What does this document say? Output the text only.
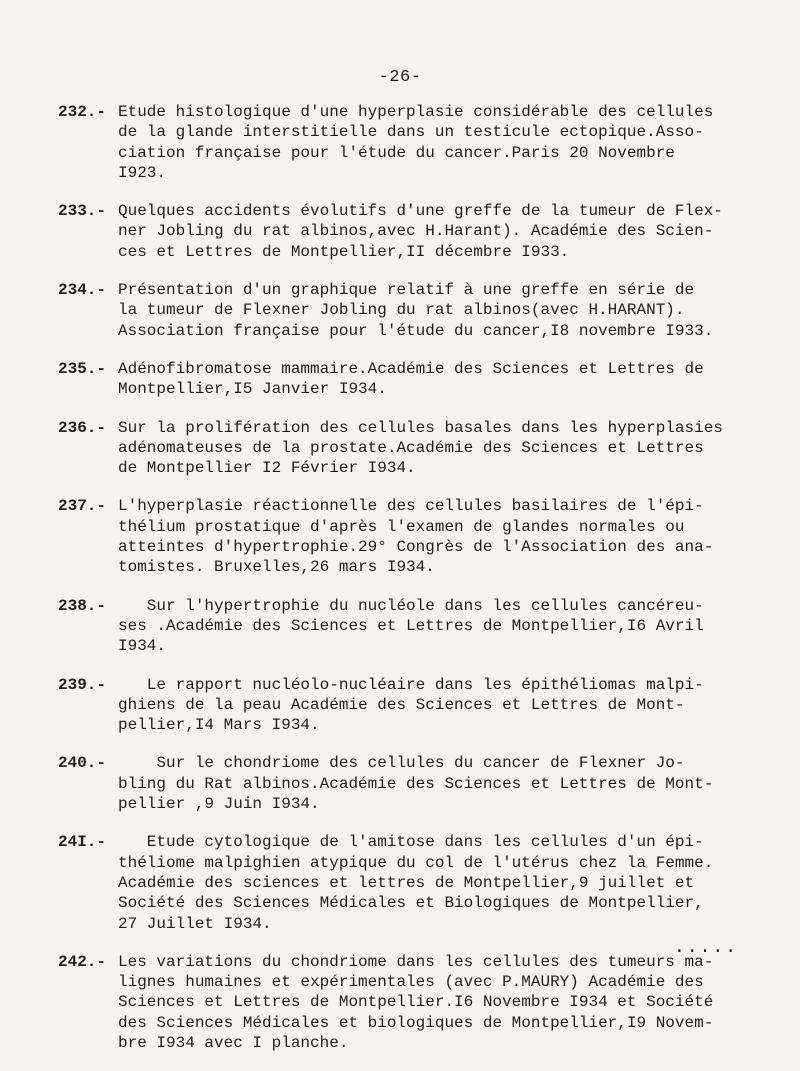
-26-
232.- Etude histologique d'une hyperplasie considérable des cellules
de la glande interstitielle dans un testicule ectopique.Asso-
ciation française pour l'étude du cancer.Paris 20 Novembre
I923.
233.- Quelques accidents évolutifs d'une greffe de la tumeur de Flex-
ner Jobling du rat albinos,avec H.Harant). Académie des Scien-
ces et Lettres de Montpellier,II décembre I933.
234.- Présentation d'un graphique relatif à une greffe en série de
la tumeur de Flexner Jobling du rat albinos(avec H.HARANT).
Association française pour l'étude du cancer,I8 novembre I933.
235.- Adénofibromatose mammaire.Académie des Sciences et Lettres de
Montpellier,I5 Janvier I934.
236.- Sur la prolifération des cellules basales dans les hyperplasies
adénomateuses de la prostate.Académie des Sciences et Lettres
de Montpellier I2 Février I934.
237.- L'hyperplasie réactionnelle des cellules basilaires de l'épi-
thélium prostatique d'après l'examen de glandes normales ou
atteintes d'hypertrophie.29° Congrès de l'Association des ana-
tomistes. Bruxelles,26 mars I934.
238.- Sur l'hypertrophie du nucléole dans les cellules cancéreu-
ses .Académie des Sciences et Lettres de Montpellier,I6 Avril
I934.
239.- Le rapport nucléolo-nucléaire dans les épithéliomas malpi-
ghiens de la peau Académie des Sciences et Lettres de Mont-
pellier,I4 Mars I934.
240.- Sur le chondriome des cellules du cancer de Flexner Jo-
bling du Rat albinos.Académie des Sciences et Lettres de Mont-
pellier ,9 Juin I934.
24I.- Etude cytologique de l'amitose dans les cellules d'un épi-
théliome malpighien atypique du col de l'utérus chez la Femme.
Académie des sciences et lettres de Montpellier,9 juillet et
Société des Sciences Médicales et Biologiques de Montpellier,
27 Juillet I934.
242.- Les variations du chondriome dans les cellules des tumeurs ma-
lignes humaines et expérimentales (avec P.MAURY) Académie des
Sciences et Lettres de Montpellier.I6 Novembre I934 et Société
des Sciences Médicales et biologiques de Montpellier,I9 Novem-
bre I934 avec I planche.
.....
